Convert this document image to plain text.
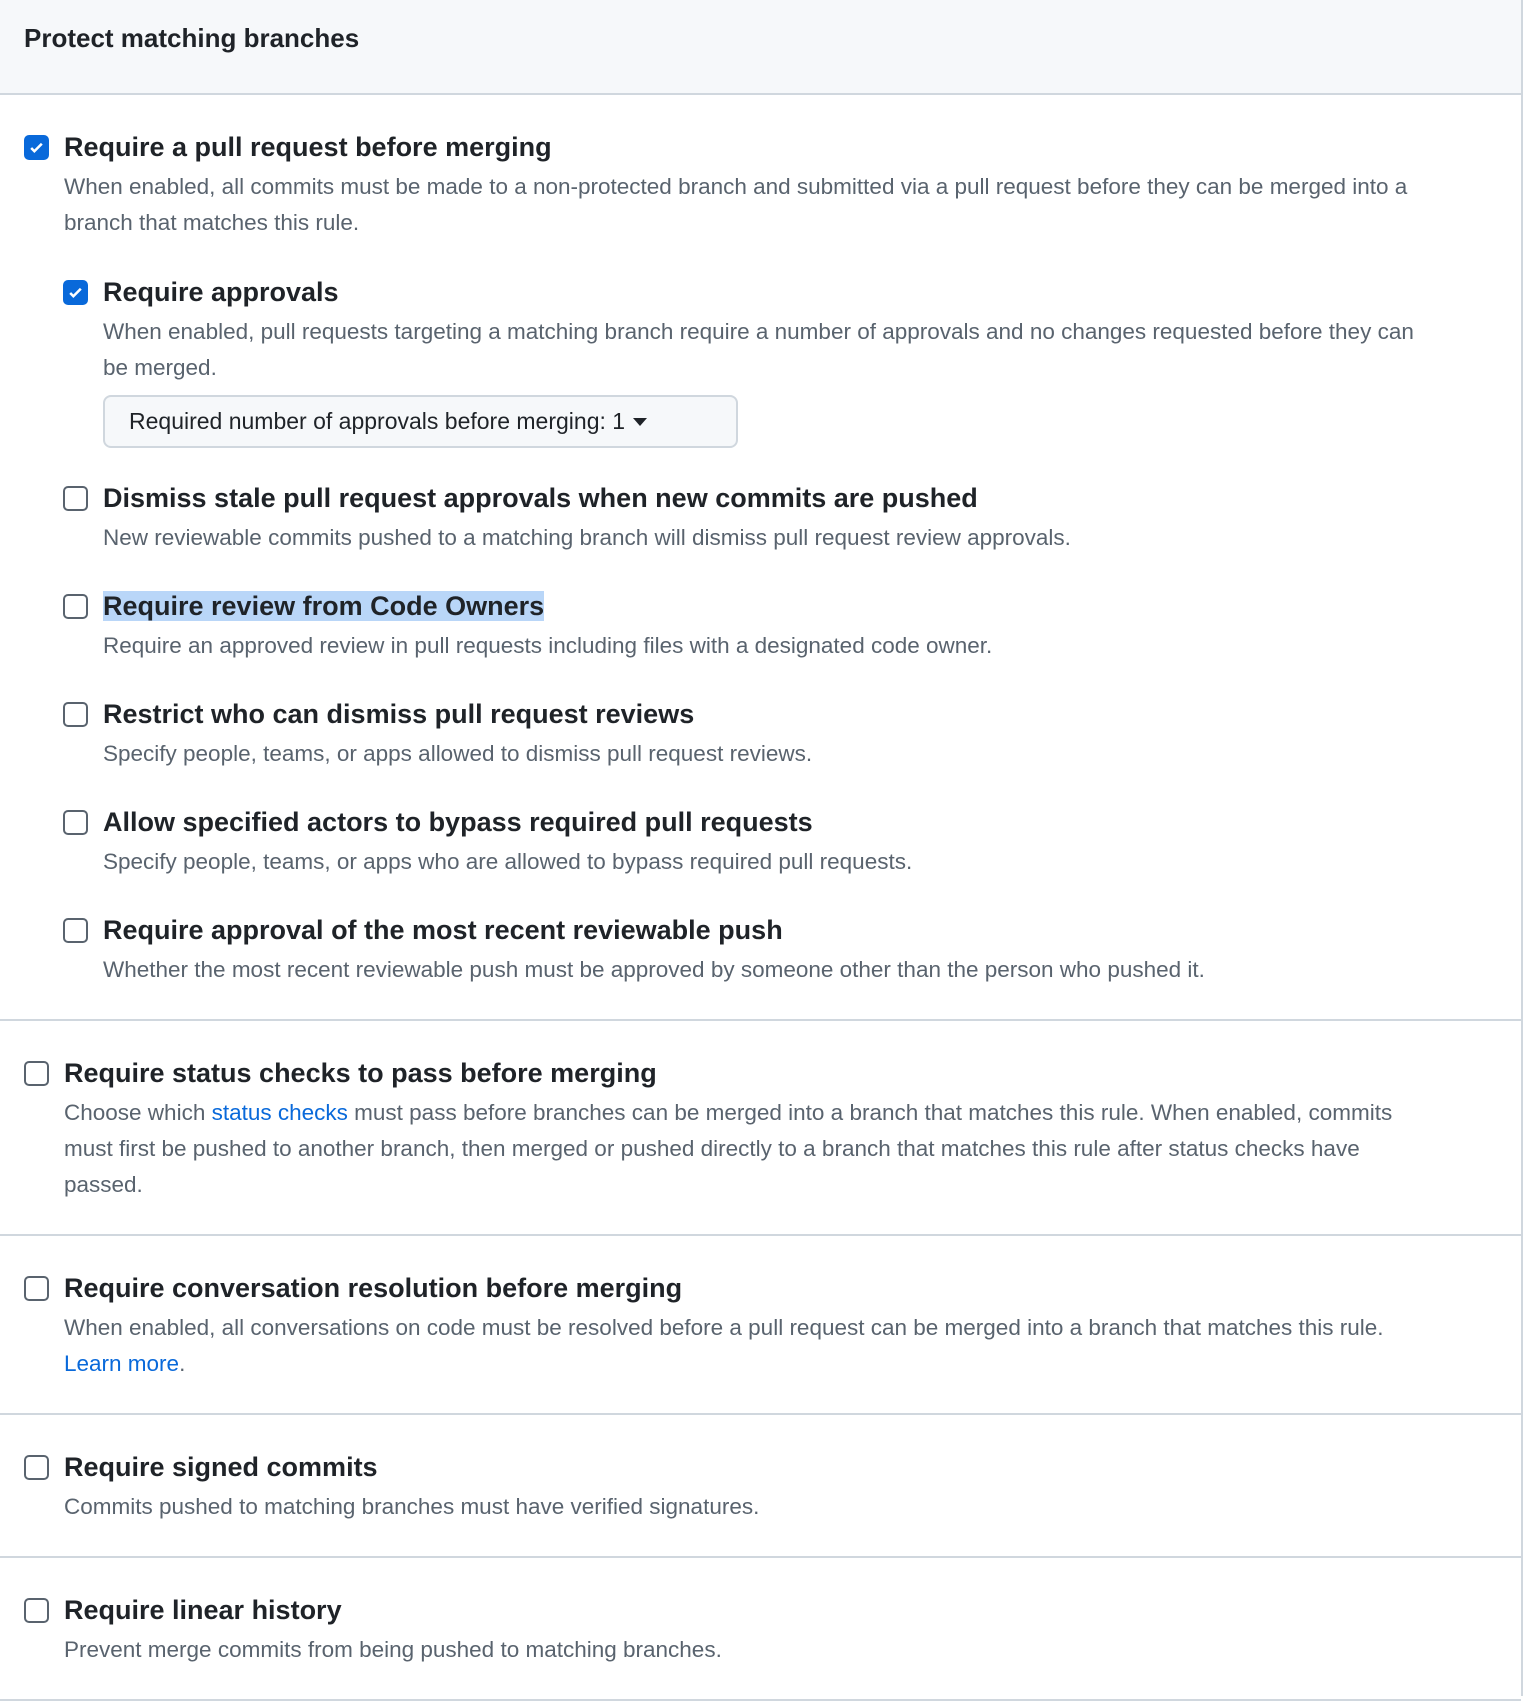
Protect matching branches
Require a pull request before merging
When enabled, all commits must be made to a non-protected branch and submitted via a pull request before they can be merged into a branch that matches this rule.
Require approvals
When enabled, pull requests targeting a matching branch require a number of approvals and no changes requested before they can be merged.
Required number of approvals before merging: 1
Dismiss stale pull request approvals when new commits are pushed
New reviewable commits pushed to a matching branch will dismiss pull request review approvals.
Require review from Code Owners
Require an approved review in pull requests including files with a designated code owner.
Restrict who can dismiss pull request reviews
Specify people, teams, or apps allowed to dismiss pull request reviews.
Allow specified actors to bypass required pull requests
Specify people, teams, or apps who are allowed to bypass required pull requests.
Require approval of the most recent reviewable push
Whether the most recent reviewable push must be approved by someone other than the person who pushed it.
Require status checks to pass before merging
Choose which status checks must pass before branches can be merged into a branch that matches this rule. When enabled, commits must first be pushed to another branch, then merged or pushed directly to a branch that matches this rule after status checks have passed.
Require conversation resolution before merging
When enabled, all conversations on code must be resolved before a pull request can be merged into a branch that matches this rule. Learn more.
Require signed commits
Commits pushed to matching branches must have verified signatures.
Require linear history
Prevent merge commits from being pushed to matching branches.
